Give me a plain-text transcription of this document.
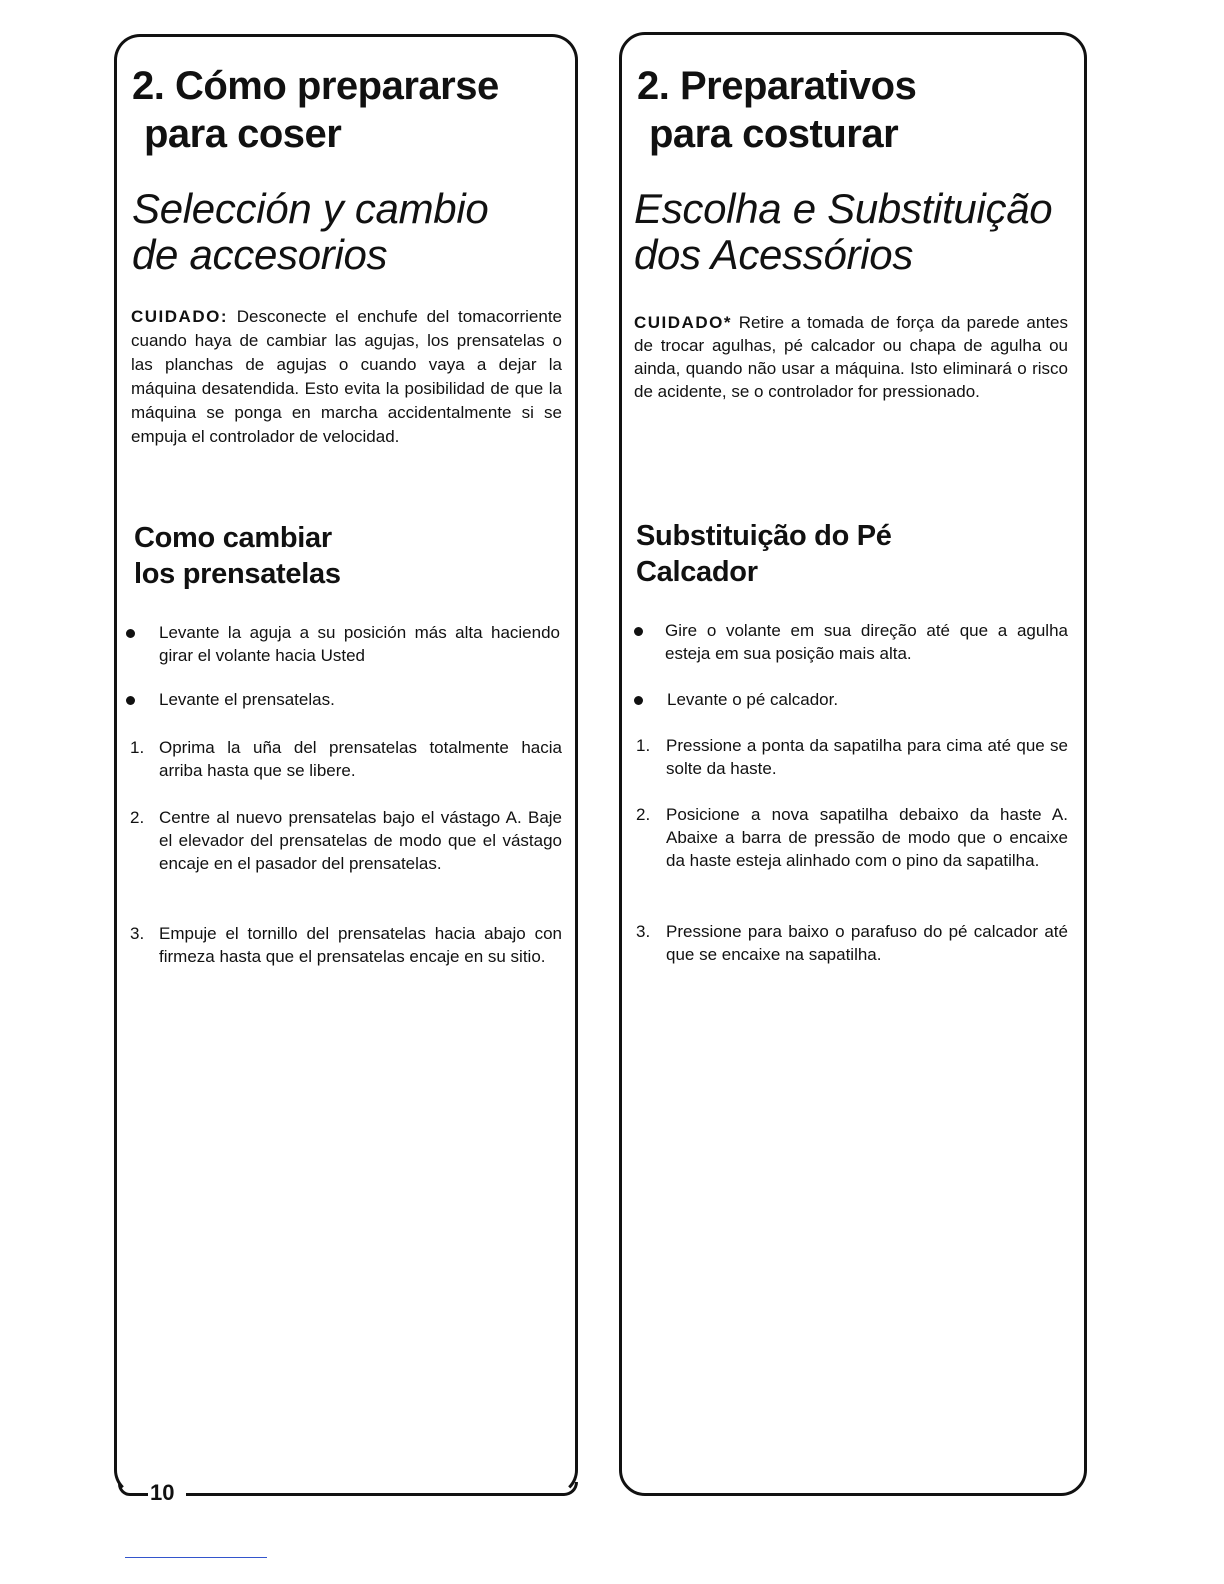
2. Cómo prepararse
para coser
Selección y cambio
de accesorios
CUIDADO: Desconecte el enchufe del tomacorriente cuando haya de cambiar las agujas, los prensatelas o las planchas de agujas o cuando vaya a dejar la máquina desatendida. Esto evita la posibilidad de que la máquina se ponga en marcha accidentalmente si se empuja el controlador de velocidad.
Como cambiar
los prensatelas
Levante la aguja a su posición más alta haciendo girar el volante hacia Usted
Levante el prensatelas.
1. Oprima la uña del prensatelas totalmente hacia arriba hasta que se libere.
2. Centre al nuevo prensatelas bajo el vástago A. Baje el elevador del prensatelas de modo que el vástago encaje en el pasador del prensatelas.
3. Empuje el tornillo del prensatelas hacia abajo con firmeza hasta que el prensatelas encaje en su sitio.
2. Preparativos
para costurar
Escolha e Substituição
dos Acessórios
CUIDADO* Retire a tomada de força da parede antes de trocar agulhas, pé calcador ou chapa de agulha ou ainda, quando não usar a máquina. Isto eliminará o risco de acidente, se o controlador for pressionado.
Substituição do Pé
Calcador
Gire o volante em sua direção até que a agulha esteja em sua posição mais alta.
Levante o pé calcador.
1. Pressione a ponta da sapatilha para cima até que se solte da haste.
2. Posicione a nova sapatilha debaixo da haste A. Abaixe a barra de pressão de modo que o encaixe da haste esteja alinhado com o pino da sapatilha.
3. Pressione para baixo o parafuso do pé calcador até que se encaixe na sapatilha.
10
